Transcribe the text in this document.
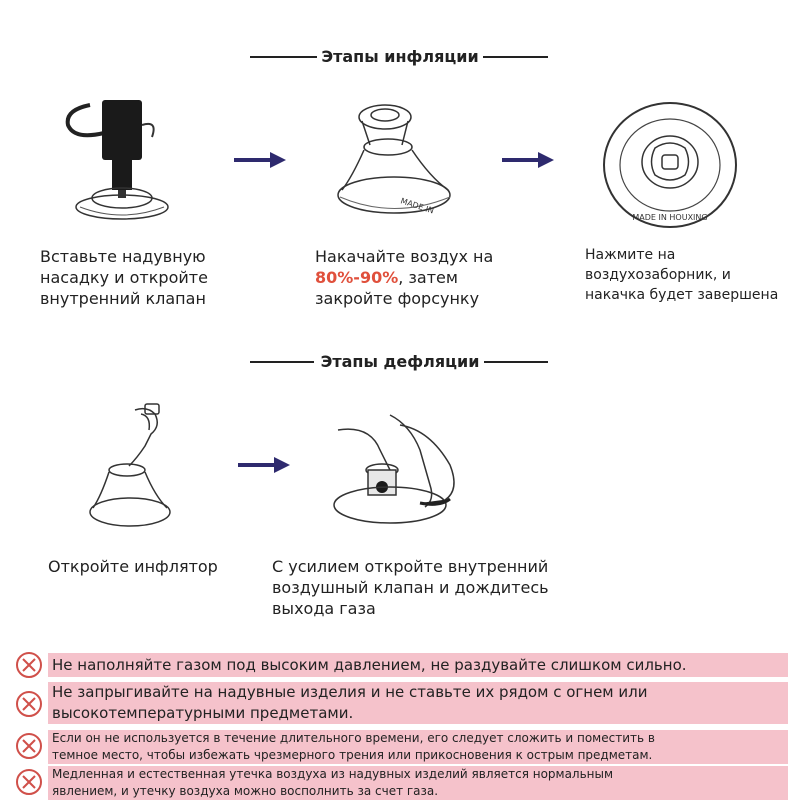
Этапы инфляции
MADE IN
MADE IN HOUXING
Вставьте надувную
насадку и откройте
внутренний клапан
Накачайте воздух на
80%-90%, затем
закройте форсунку
Нажмите на
воздухозаборник, и
накачка будет завершена
Этапы дефляции
Откройте инфлятор	С усилием откройте внутренний
воздушный клапан и дождитесь
выхода газа
Не наполняйте газом под высоким давлением, не раздувайте слишком сильно.
Не запрыгивайте на надувные изделия и не ставьте их рядом с огнем или
высокотемпературными предметами.
Если он не используется в течение длительного времени, его следует сложить и поместить в
темное место, чтобы избежать чрезмерного трения или прикосновения к острым предметам.
Медленная и естественная утечка воздуха из надувных изделий является нормальным
явлением, и утечку воздуха можно восполнить за счет газа.
